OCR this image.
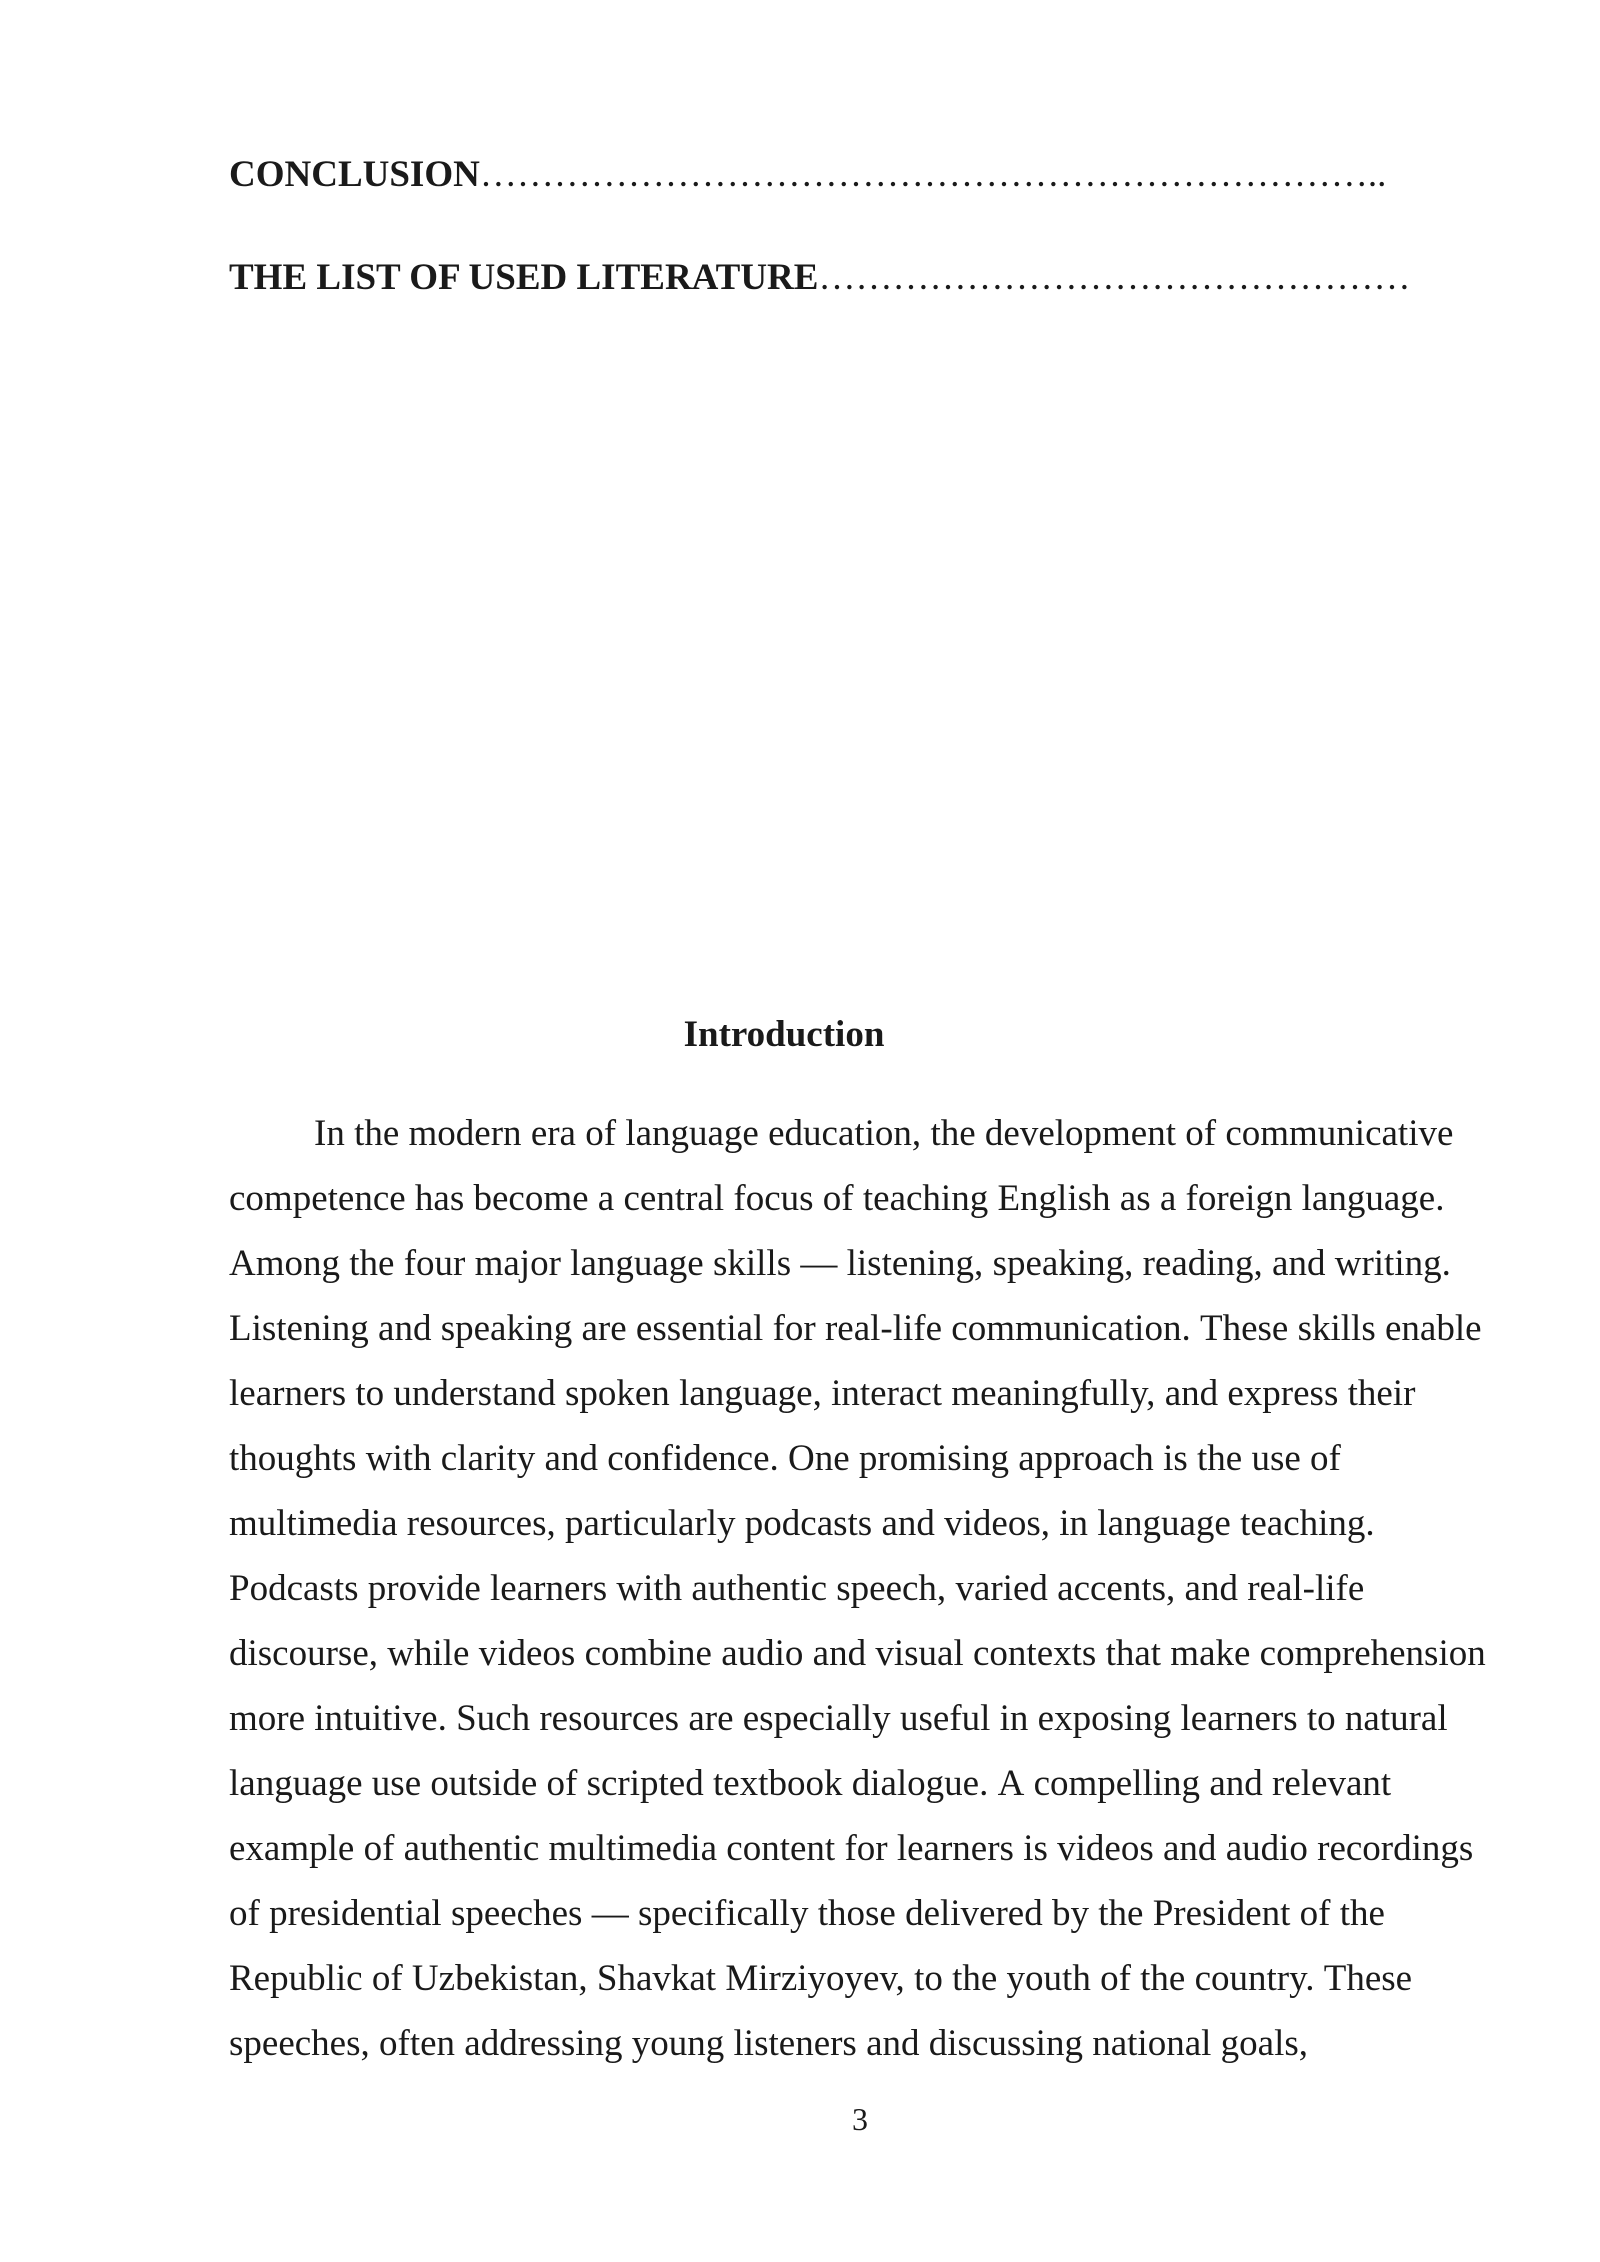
CONCLUSION………………………………………………………………..
THE LIST OF USED LITERATURE…………………………………………
Introduction
In the modern era of language education, the development of communicative
competence has become a central focus of teaching English as a foreign language.
Among the four major language skills — listening, speaking, reading, and writing.
Listening and speaking are essential for real-life communication. These skills enable
learners to understand spoken language, interact meaningfully, and express their
thoughts with clarity and confidence. One promising approach is the use of
multimedia resources, particularly podcasts and videos, in language teaching.
Podcasts provide learners with authentic speech, varied accents, and real-life
discourse, while videos combine audio and visual contexts that make comprehension
more intuitive. Such resources are especially useful in exposing learners to natural
language use outside of scripted textbook dialogue. A compelling and relevant
example of authentic multimedia content for learners is videos and audio recordings
of presidential speeches — specifically those delivered by the President of the
Republic of Uzbekistan, Shavkat Mirziyoyev, to the youth of the country. These
speeches, often addressing young listeners and discussing national goals,
3
